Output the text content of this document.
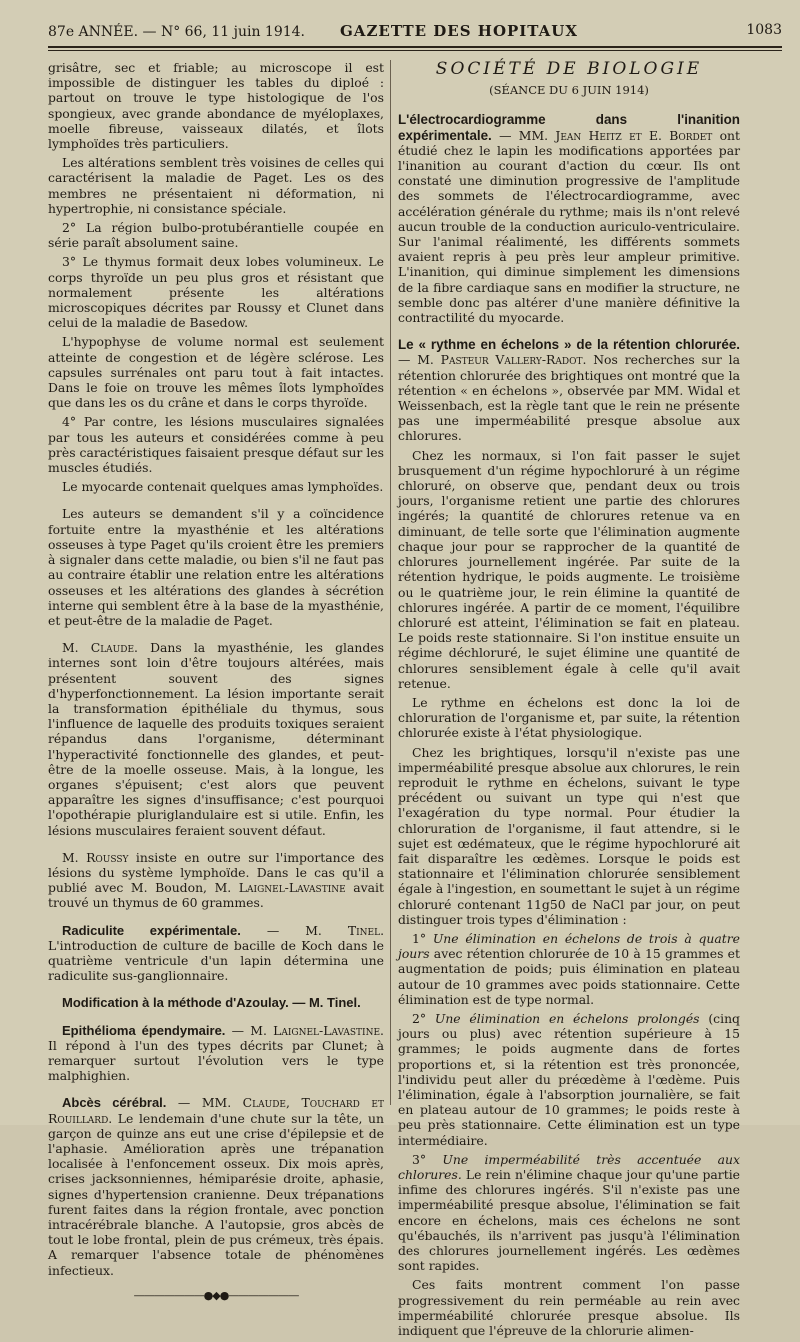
87e ANNÉE. — N° 66, 11 juin 1914. GAZETTE DES HOPITAUX	1083

grisâtre, sec et friable; au microscope il est impossible de distinguer les tables du diploé : partout on trouve le type histologique de l'os spongieux, avec grande abondance de myéloplaxes, moelle fibreuse, vaisseaux dilatés, et îlots lymphoïdes très particuliers.

Les altérations semblent très voisines de celles qui caractérisent la maladie de Paget. Les os des membres ne présentaient ni déformation, ni hypertrophie, ni consistance spéciale.

2° La région bulbo-protubérantielle coupée en série paraît absolument saine.

3° Le thymus formait deux lobes volumineux. Le corps thyroïde un peu plus gros et résistant que normalement présente les altérations microscopiques décrites par Roussy et Clunet dans celui de la maladie de Basedow.

L'hypophyse de volume normal est seulement atteinte de congestion et de légère sclérose. Les capsules surrénales ont paru tout à fait intactes. Dans le foie on trouve les mêmes îlots lymphoïdes que dans les os du crâne et dans le corps thyroïde.

4° Par contre, les lésions musculaires signalées par tous les auteurs et considérées comme à peu près caractéristiques faisaient presque défaut sur les muscles étudiés.

Le myocarde contenait quelques amas lymphoïdes.

Les auteurs se demandent s'il y a coïncidence fortuite entre la myasthénie et les altérations osseuses à type Paget qu'ils croient être les premiers à signaler dans cette maladie, ou bien s'il ne faut pas au contraire établir une relation entre les altérations osseuses et les altérations des glandes à sécrétion interne qui semblent être à la base de la myasthénie, et peut-être de la maladie de Paget.

M. Claude. Dans la myasthénie, les glandes internes sont loin d'être toujours altérées, mais présentent souvent des signes d'hyperfonctionnement. La lésion importante serait la transformation épithéliale du thymus, sous l'influence de laquelle des produits toxiques seraient répandus dans l'organisme, déterminant l'hyperactivité fonctionnelle des glandes, et peut-être de la moelle osseuse. Mais, à la longue, les organes s'épuisent; c'est alors que peuvent apparaître les signes d'insuffisance; c'est pourquoi l'opothérapie pluriglandulaire est si utile. Enfin, les lésions musculaires feraient souvent défaut.

M. Roussy insiste en outre sur l'importance des lésions du système lymphoïde. Dans le cas qu'il a publié avec M. Boudon, M. Laignel-Lavastine avait trouvé un thymus de 60 grammes.

Radiculite expérimentale. — M. Tinel. L'introduction de culture de bacille de Koch dans le quatrième ventricule d'un lapin détermina une radiculite sus-ganglionnaire.

Modification à la méthode d'Azoulay. — M. Tinel.

Epithélioma épendymaire. — M. Laignel-Lavastine. Il répond à l'un des types décrits par Clunet; à remarquer surtout l'évolution vers le type malphighien.

Abcès cérébral. — MM. Claude, Touchard et Rouillard. Le lendemain d'une chute sur la tête, un garçon de quinze ans eut une crise d'épilepsie et de l'aphasie. Amélioration après une trépanation localisée à l'enfoncement osseux. Dix mois après, crises jacksonniennes, hémiparésie droite, aphasie, signes d'hypertension cranienne. Deux trépanations furent faites dans la région frontale, avec ponction intracérébrale blanche. A l'autopsie, gros abcès de tout le lobe frontal, plein de pus crémeux, très épais. A remarquer l'absence totale de phénomènes infectieux.

———————●◆●———————
SOCIÉTÉ DE BIOLOGIE
(SÉANCE DU 6 JUIN 1914)

L'électrocardiogramme dans l'inanition expérimentale. — MM. Jean Heitz et E. Bordet ont étudié chez le lapin les modifications apportées par l'inanition au courant d'action du cœur. Ils ont constaté une diminution progressive de l'amplitude des sommets de l'électrocardiogramme, avec accélération générale du rythme; mais ils n'ont relevé aucun trouble de la conduction auriculo-ventriculaire. Sur l'animal réalimenté, les différents sommets avaient repris à peu près leur ampleur primitive. L'inanition, qui diminue simplement les dimensions de la fibre cardiaque sans en modifier la structure, ne semble donc pas altérer d'une manière définitive la contractilité du myocarde.

Le « rythme en échelons » de la rétention chlorurée. — M. Pasteur Vallery-Radot. Nos recherches sur la rétention chlorurée des brightiques ont montré que la rétention « en échelons », observée par MM. Widal et Weissenbach, est la règle tant que le rein ne présente pas une imperméabilité presque absolue aux chlorures.

Chez les normaux, si l'on fait passer le sujet brusquement d'un régime hypochloruré à un régime chloruré, on observe que, pendant deux ou trois jours, l'organisme retient une partie des chlorures ingérés; la quantité de chlorures retenue va en diminuant, de telle sorte que l'élimination augmente chaque jour pour se rapprocher de la quantité de chlorures journellement ingérée. Par suite de la rétention hydrique, le poids augmente. Le troisième ou le quatrième jour, le rein élimine la quantité de chlorures ingérée. A partir de ce moment, l'équilibre chloruré est atteint, l'élimination se fait en plateau. Le poids reste stationnaire. Si l'on institue ensuite un régime déchloruré, le sujet élimine une quantité de chlorures sensiblement égale à celle qu'il avait retenue.

Le rythme en échelons est donc la loi de chloruration de l'organisme et, par suite, la rétention chlorurée existe à l'état physiologique.

Chez les brightiques, lorsqu'il n'existe pas une imperméabilité presque absolue aux chlorures, le rein reproduit le rythme en échelons, suivant le type précédent ou suivant un type qui n'est que l'exagération du type normal. Pour étudier la chloruration de l'organisme, il faut attendre, si le sujet est œdémateux, que le régime hypochloruré ait fait disparaître les œdèmes. Lorsque le poids est stationnaire et l'élimination chlorurée sensiblement égale à l'ingestion, en soumettant le sujet à un régime chloruré contenant 11g50 de NaCl par jour, on peut distinguer trois types d'élimination :

1° Une élimination en échelons de trois à quatre jours avec rétention chlorurée de 10 à 15 grammes et augmentation de poids; puis élimination en plateau autour de 10 grammes avec poids stationnaire. Cette élimination est de type normal.

2° Une élimination en échelons prolongés (cinq jours ou plus) avec rétention supérieure à 15 grammes; le poids augmente dans de fortes proportions et, si la rétention est très prononcée, l'individu peut aller du préœdème à l'œdème. Puis l'élimination, égale à l'absorption journalière, se fait en plateau autour de 10 grammes; le poids reste à peu près stationnaire. Cette élimination est un type intermédiaire.

3° Une imperméabilité très accentuée aux chlorures. Le rein n'élimine chaque jour qu'une partie infime des chlorures ingérés. S'il n'existe pas une imperméabilité presque absolue, l'élimination se fait encore en échelons, mais ces échelons ne sont qu'ébauchés, ils n'arrivent pas jusqu'à l'élimination des chlorures journellement ingérés. Les œdèmes sont rapides.

Ces faits montrent comment l'on passe progressivement du rein perméable au rein avec imperméabilité chlorurée presque absolue. Ils indiquent que l'épreuve de la chlorurie alimen-
